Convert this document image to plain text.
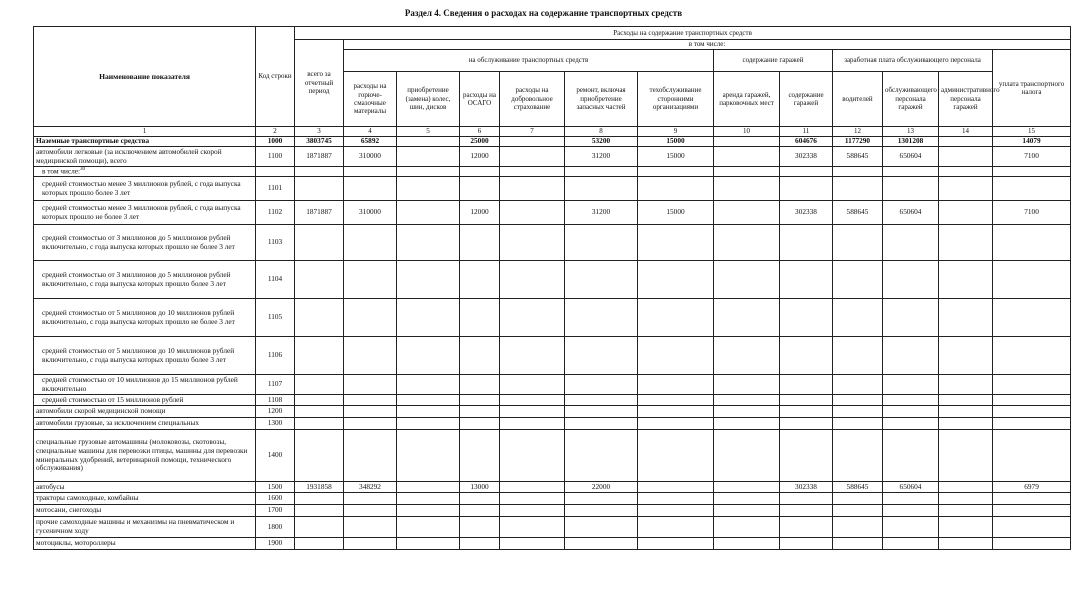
Раздел 4. Сведения о расходах на содержание транспортных средств
Наименование показателя	Код строки	Расходы на содержание транспортных средств												
		всего за отчетный период	в том числе:											
			на обслуживание транспортных средств						содержание гаражей		заработная плата обслуживающего персонала			уплата транспортного налога
			расходы на горюче-смазочные материалы	приобретение (замена) колес, шин, дисков	расходы на ОСАГО	расходы на добровольное страхование	ремонт, включая приобретение запасных частей	техобслуживание сторонними организациями	аренда гаражей, парковочных мест	содержание гаражей	водителей	обслуживающего персонала гаражей	административного персонала гаражей	
1	2	3	4	5	6	7	8	9	10	11	12	13	14	15
Наземные транспортные средства	1000	3803745	65892		25000		53200	15000		604676	1177290	1301208		14079
автомобили легковые (за исключением автомобилей скорой медицинской помощи), всего	1100	1871887	310000		12000		31200	15000		302338	588645	650604		7100
в том числе:$^{30}$														
средней стоимостью менее 3 миллионов рублей, с года выпуска которых прошло более 3 лет	1101													
средней стоимостью менее 3 миллионов рублей, с года выпуска которых прошло не более 3 лет	1102	1871887	310000		12000		31200	15000		302338	588645	650604		7100
средней стоимостью от 3 миллионов до 5 миллионов рублей включительно, с года выпуска которых прошло не более 3 лет	1103													
средней стоимостью от 3 миллионов до 5 миллионов рублей включительно, с года выпуска которых прошло более 3 лет	1104													
средней стоимостью от 5 миллионов до 10 миллионов рублей включительно, с года выпуска которых прошло не более 3 лет	1105													
средней стоимостью от 5 миллионов до 10 миллионов рублей включительно, с года выпуска которых прошло более 3 лет	1106													
средней стоимостью от 10 миллионов до 15 миллионов рублей включительно	1107													
средней стоимостью от 15 миллионов рублей	1108													
автомобили скорой медицинской помощи	1200													
автомобили грузовые, за исключением специальных	1300													
специальные грузовые автомашины (молоковозы, скотовозы, специальные машины для перевозки птицы, машины для перевозки минеральных удобрений, ветеринарной помощи, технического обслуживания)	1400													
автобусы	1500	1931858	348292		13000		22000			302338	588645	650604		6979
тракторы самоходные, комбайны	1600													
мотосани, снегоходы	1700													
прочие самоходные машины и механизмы на пневматическом и гусеничном ходу	1800													
мотоциклы, мотороллеры	1900													
